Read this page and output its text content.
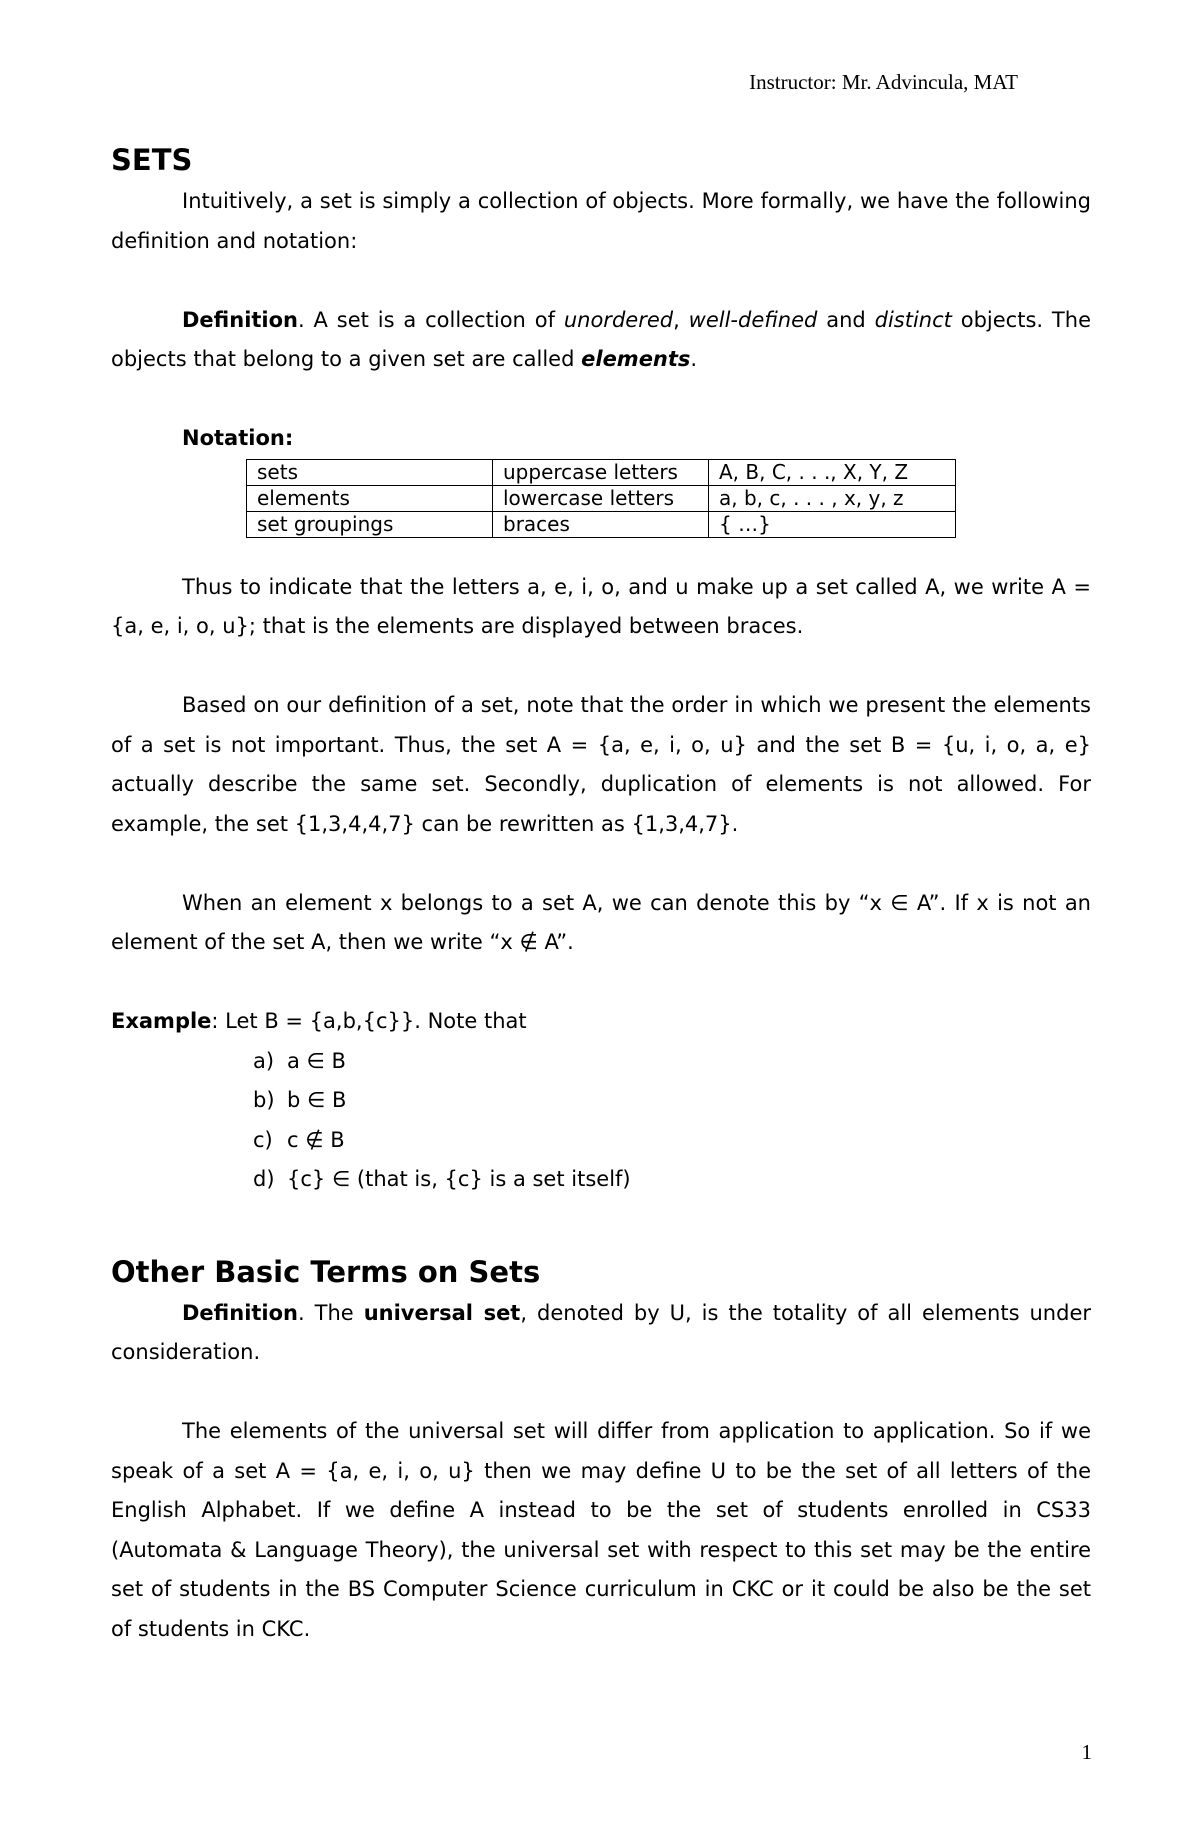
Instructor: Mr. Advincula, MAT
SETS

Intuitively, a set is simply a collection of objects. More formally, we have the following definition and notation:

Definition. A set is a collection of unordered, well-defined and distinct objects. The objects that belong to a given set are called elements.

Notation:

sets	uppercase letters	A, B, C, . . ., X, Y, Z
elements	lowercase letters	a, b, c, . . . , x, y, z
set groupings	braces	{ …}

Thus to indicate that the letters a, e, i, o, and u make up a set called A, we write A = {a, e, i, o, u}; that is the elements are displayed between braces.

Based on our definition of a set, note that the order in which we present the elements of a set is not important. Thus, the set A = {a, e, i, o, u} and the set B = {u, i, o, a, e} actually describe the same set. Secondly, duplication of elements is not allowed. For example, the set {1,3,4,4,7} can be rewritten as {1,3,4,7}.

When an element x belongs to a set A, we can denote this by “x ∈ A”. If x is not an element of the set A, then we write “x ∉ A”.

Example: Let B = {a,b,{c}}. Note that

a) a ∈ B
b) b ∈ B
c) c ∉ B
d) {c} ∈ (that is, {c} is a set itself)
Other Basic Terms on Sets

Definition. The universal set, denoted by U, is the totality of all elements under consideration.

The elements of the universal set will differ from application to application. So if we speak of a set A = {a, e, i, o, u} then we may define U to be the set of all letters of the English Alphabet. If we define A instead to be the set of students enrolled in CS33 (Automata & Language Theory), the universal set with respect to this set may be the entire set of students in the BS Computer Science curriculum in CKC or it could be also be the set of students in CKC.

1
